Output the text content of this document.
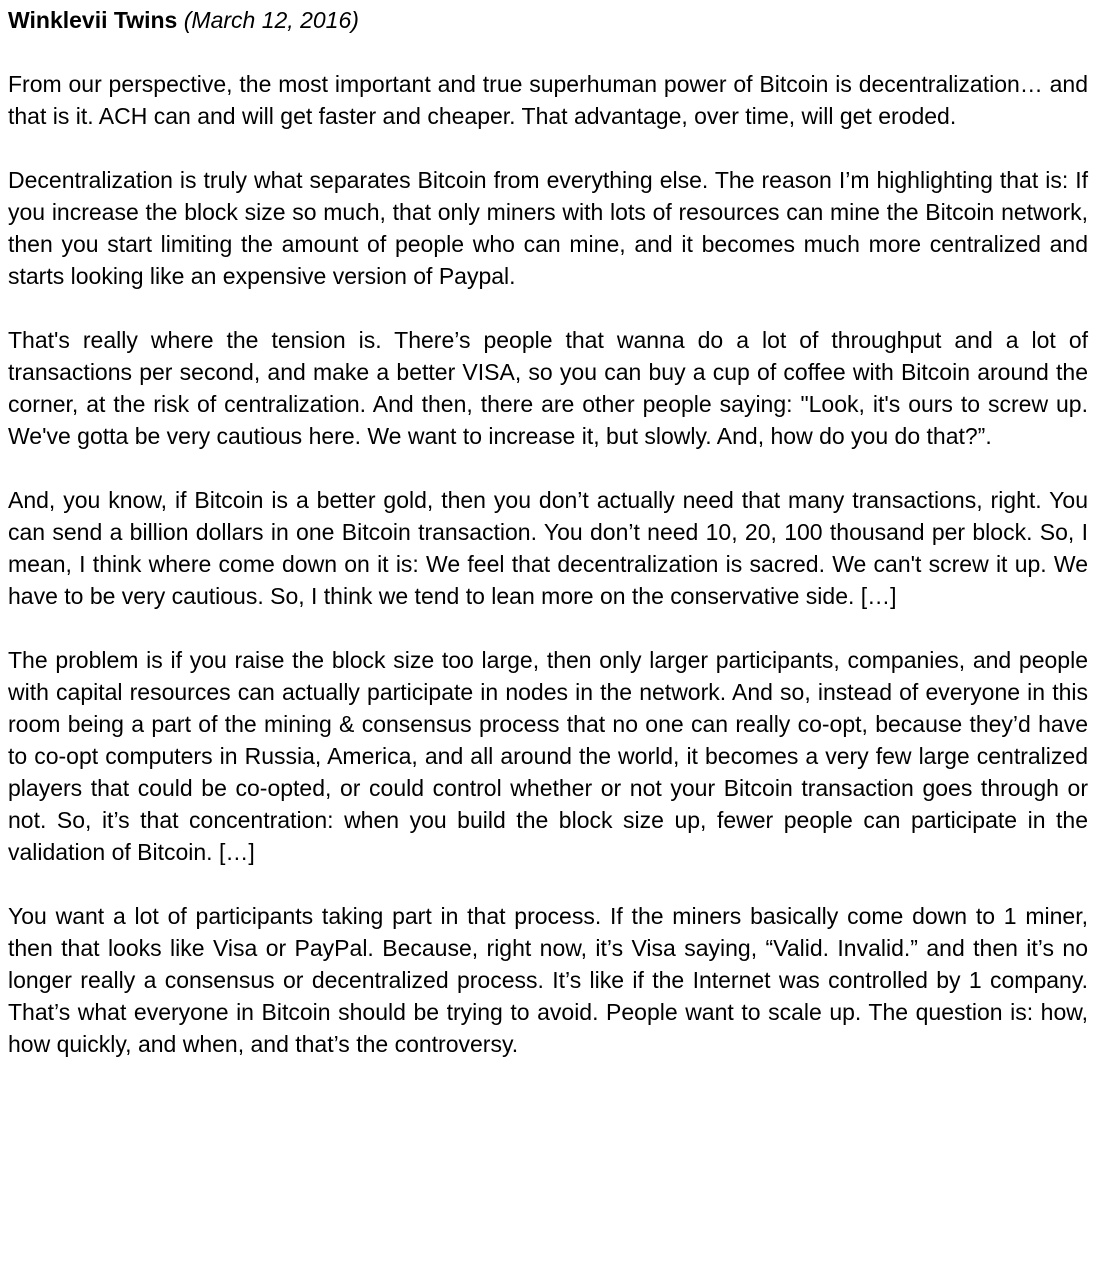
Winklevii Twins (March 12, 2016)

From our perspective, the most important and true superhuman power of Bitcoin is decentralization… and that is it. ACH can and will get faster and cheaper. That advantage, over time, will get eroded.

Decentralization is truly what separates Bitcoin from everything else. The reason I’m highlighting that is: If you increase the block size so much, that only miners with lots of resources can mine the Bitcoin network, then you start limiting the amount of people who can mine, and it becomes much more centralized and starts looking like an expensive version of Paypal.

That's really where the tension is. There’s people that wanna do a lot of throughput and a lot of transactions per second, and make a better VISA, so you can buy a cup of coffee with Bitcoin around the corner, at the risk of centralization. And then, there are other people saying: "Look, it's ours to screw up. We've gotta be very cautious here. We want to increase it, but slowly. And, how do you do that?”.

And, you know, if Bitcoin is a better gold, then you don’t actually need that many transactions, right. You can send a billion dollars in one Bitcoin transaction. You don’t need 10, 20, 100 thousand per block. So, I mean, I think where come down on it is: We feel that decentralization is sacred. We can't screw it up. We have to be very cautious. So, I think we tend to lean more on the conservative side. […]

The problem is if you raise the block size too large, then only larger participants, companies, and people with capital resources can actually participate in nodes in the network. And so, instead of everyone in this room being a part of the mining & consensus process that no one can really co-opt, because they’d have to co-opt computers in Russia, America, and all around the world, it becomes a very few large centralized players that could be co-opted, or could control whether or not your Bitcoin transaction goes through or not. So, it’s that concentration: when you build the block size up, fewer people can participate in the validation of Bitcoin. […]

You want a lot of participants taking part in that process. If the miners basically come down to 1 miner, then that looks like Visa or PayPal. Because, right now, it’s Visa saying, “Valid. Invalid.” and then it’s no longer really a consensus or decentralized process. It’s like if the Internet was controlled by 1 company. That’s what everyone in Bitcoin should be trying to avoid. People want to scale up. The question is: how, how quickly, and when, and that’s the controversy.
